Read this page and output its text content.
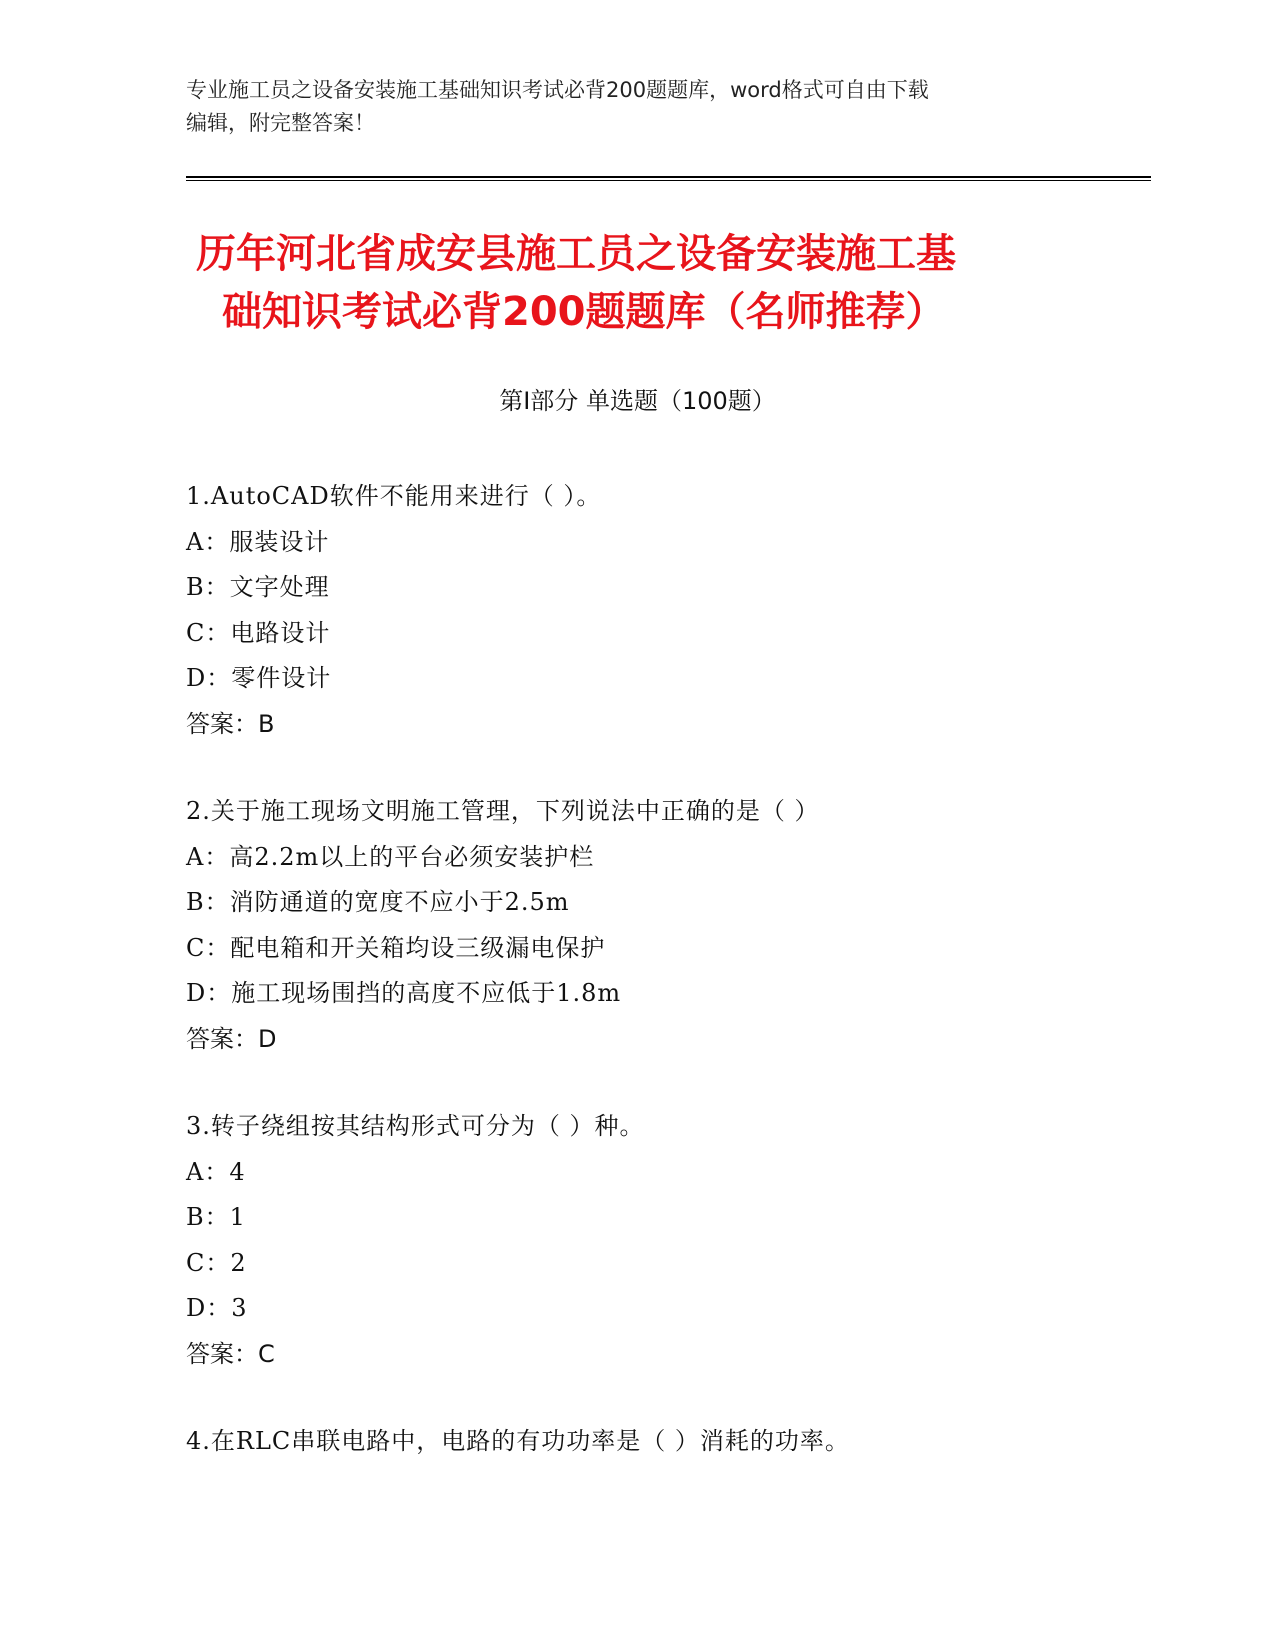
专业施工员之设备安装施工基础知识考试必背200题题库，word格式可自由下载
编辑，附完整答案！
历年河北省成安县施工员之设备安装施工基
础知识考试必背200题题库（名师推荐）
第Ⅰ部分 单选题（100题）
1.AutoCAD软件不能用来进行（ ）。
A：服装设计
B：文字处理
C：电路设计
D：零件设计
答案：B
2.关于施工现场文明施工管理，下列说法中正确的是（ ）
A：高2.2m以上的平台必须安装护栏
B：消防通道的宽度不应小于2.5m
C：配电箱和开关箱均设三级漏电保护
D：施工现场围挡的高度不应低于1.8m
答案：D
3.转子绕组按其结构形式可分为（ ）种。
A：4
B：1
C：2
D：3
答案：C
4.在RLC串联电路中，电路的有功功率是（ ）消耗的功率。
